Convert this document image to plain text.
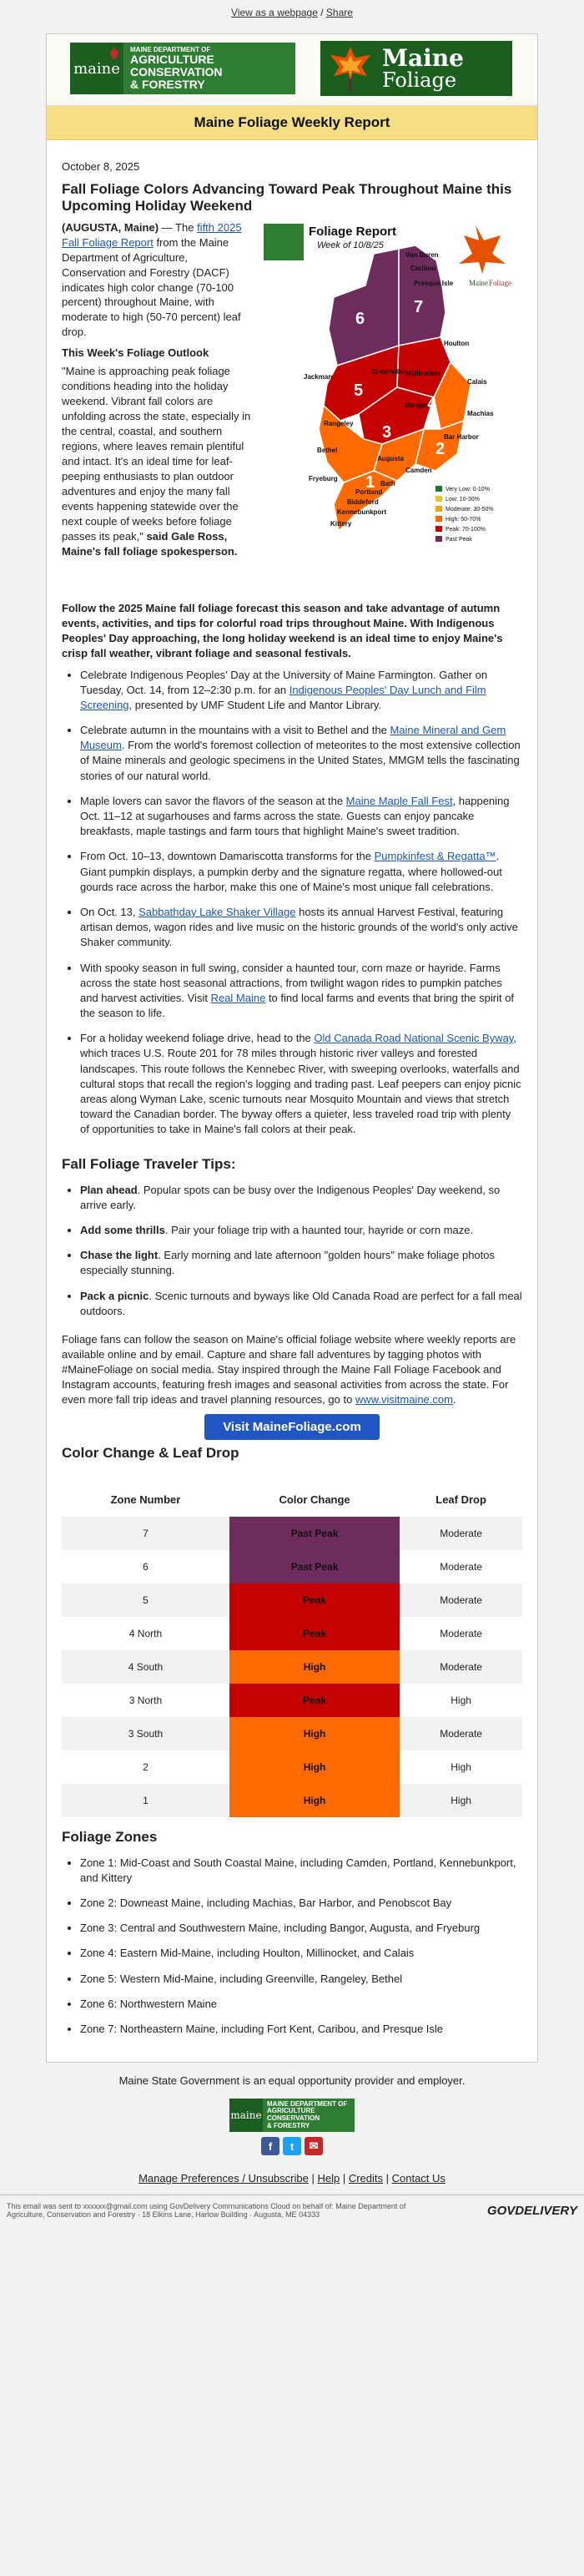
View as a webpage / Share
maine
MAINE DEPARTMENT OF
AGRICULTURE
CONSERVATION
& FORESTRY
Maine
Foliage
Maine Foliage Weekly Report
October 8, 2025
Fall Foliage Colors Advancing Toward Peak Throughout Maine this Upcoming Holiday Weekend
Foliage Report
Week of 10/8/25
Maine Foliage
6
7
5
4
3
2
1
Van Buren
Caribou
Presque Isle
Houlton
Calais
Machias
Bar Harbor
Camden
Augusta
Bangor
Bethel
Portland
Biddeford
Kennebunkport
Kittery
Fryeburg
Bath
Rangeley
Greenville
Jackman	Millinocket
Very Low: 0-10%
Low: 10-30%
Moderate: 30-50%
High: 50-70%
Peak: 70-100%
Past Peak

(AUGUSTA, Maine) — The fifth 2025 Fall Foliage Report from the Maine Department of Agriculture, Conservation and Forestry (DACF) indicates high color change (70-100 percent) throughout Maine, with moderate to high (50-70 percent) leaf drop.

This Week's Foliage Outlook

"Maine is approaching peak foliage conditions heading into the holiday weekend. Vibrant fall colors are unfolding across the state, especially in the central, coastal, and southern regions, where leaves remain plentiful and intact. It's an ideal time for leaf-peeping enthusiasts to plan outdoor adventures and enjoy the many fall events happening statewide over the next couple of weeks before foliage passes its peak," said Gale Ross, Maine's fall foliage spokesperson.

Follow the 2025 Maine fall foliage forecast this season and take advantage of autumn events, activities, and tips for colorful road trips throughout Maine. With Indigenous Peoples' Day approaching, the long holiday weekend is an ideal time to enjoy Maine's crisp fall weather, vibrant foliage and seasonal festivals.

• Celebrate Indigenous Peoples' Day at the University of Maine Farmington. Gather on Tuesday, Oct. 14, from 12–2:30 p.m. for an Indigenous Peoples' Day Lunch and Film Screening, presented by UMF Student Life and Mantor Library.
• Celebrate autumn in the mountains with a visit to Bethel and the Maine Mineral and Gem Museum. From the world's foremost collection of meteorites to the most extensive collection of Maine minerals and geologic specimens in the United States, MMGM tells the fascinating stories of our natural world.
• Maple lovers can savor the flavors of the season at the Maine Maple Fall Fest, happening Oct. 11–12 at sugarhouses and farms across the state. Guests can enjoy pancake breakfasts, maple tastings and farm tours that highlight Maine's sweet tradition.
• From Oct. 10–13, downtown Damariscotta transforms for the Pumpkinfest & Regatta™. Giant pumpkin displays, a pumpkin derby and the signature regatta, where hollowed-out gourds race across the harbor, make this one of Maine's most unique fall celebrations.
• On Oct. 13, Sabbathday Lake Shaker Village hosts its annual Harvest Festival, featuring artisan demos, wagon rides and live music on the historic grounds of the world's only active Shaker community.
• With spooky season in full swing, consider a haunted tour, corn maze or hayride. Farms across the state host seasonal attractions, from twilight wagon rides to pumpkin patches and harvest activities. Visit Real Maine to find local farms and events that bring the spirit of the season to life.
• For a holiday weekend foliage drive, head to the Old Canada Road National Scenic Byway, which traces U.S. Route 201 for 78 miles through historic river valleys and forested landscapes. This route follows the Kennebec River, with sweeping overlooks, waterfalls and cultural stops that recall the region's logging and trading past. Leaf peepers can enjoy picnic areas along Wyman Lake, scenic turnouts near Mosquito Mountain and views that stretch toward the Canadian border. The byway offers a quieter, less traveled road trip with plenty of opportunities to take in Maine's fall colors at their peak.
Fall Foliage Traveler Tips:
• Plan ahead. Popular spots can be busy over the Indigenous Peoples' Day weekend, so arrive early.
• Add some thrills. Pair your foliage trip with a haunted tour, hayride or corn maze.
• Chase the light. Early morning and late afternoon "golden hours" make foliage photos especially stunning.
• Pack a picnic. Scenic turnouts and byways like Old Canada Road are perfect for a fall meal outdoors.

Foliage fans can follow the season on Maine's official foliage website where weekly reports are available online and by email. Capture and share fall adventures by tagging photos with #MaineFoliage on social media. Stay inspired through the Maine Fall Foliage Facebook and Instagram accounts, featuring fresh images and seasonal activities from across the state. For even more fall trip ideas and travel planning resources, go to www.visitmaine.com.

Visit MaineFoliage.com
Color Change & Leaf Drop
Zone Number	Color Change	Leaf Drop
7	Past Peak	Moderate
6	Past Peak	Moderate
5	Peak	Moderate
4 North	Peak	Moderate
4 South	High	Moderate
3 North	Peak	High
3 South	High	Moderate
2	High	High
1	High	High
Foliage Zones
• Zone 1: Mid-Coast and South Coastal Maine, including Camden, Portland, Kennebunkport, and Kittery
• Zone 2: Downeast Maine, including Machias, Bar Harbor, and Penobscot Bay
• Zone 3: Central and Southwestern Maine, including Bangor, Augusta, and Fryeburg
• Zone 4: Eastern Mid-Maine, including Houlton, Millinocket, and Calais
• Zone 5: Western Mid-Maine, including Greenville, Rangeley, Bethel
• Zone 6: Northwestern Maine
• Zone 7: Northeastern Maine, including Fort Kent, Caribou, and Presque Isle
Maine State Government is an equal opportunity provider and employer.
maine
MAINE DEPARTMENT OF
AGRICULTURE
CONSERVATION
& FORESTRY
f	t	✉
Manage Preferences / Unsubscribe | Help | Credits | Contact Us
This email was sent to xxxxxx@gmail.com using GovDelivery Communications Cloud on behalf of: Maine Department of Agriculture, Conservation and Forestry · 18 Elkins Lane, Harlow Building · Augusta, ME 04333	GOVDELIVERY
